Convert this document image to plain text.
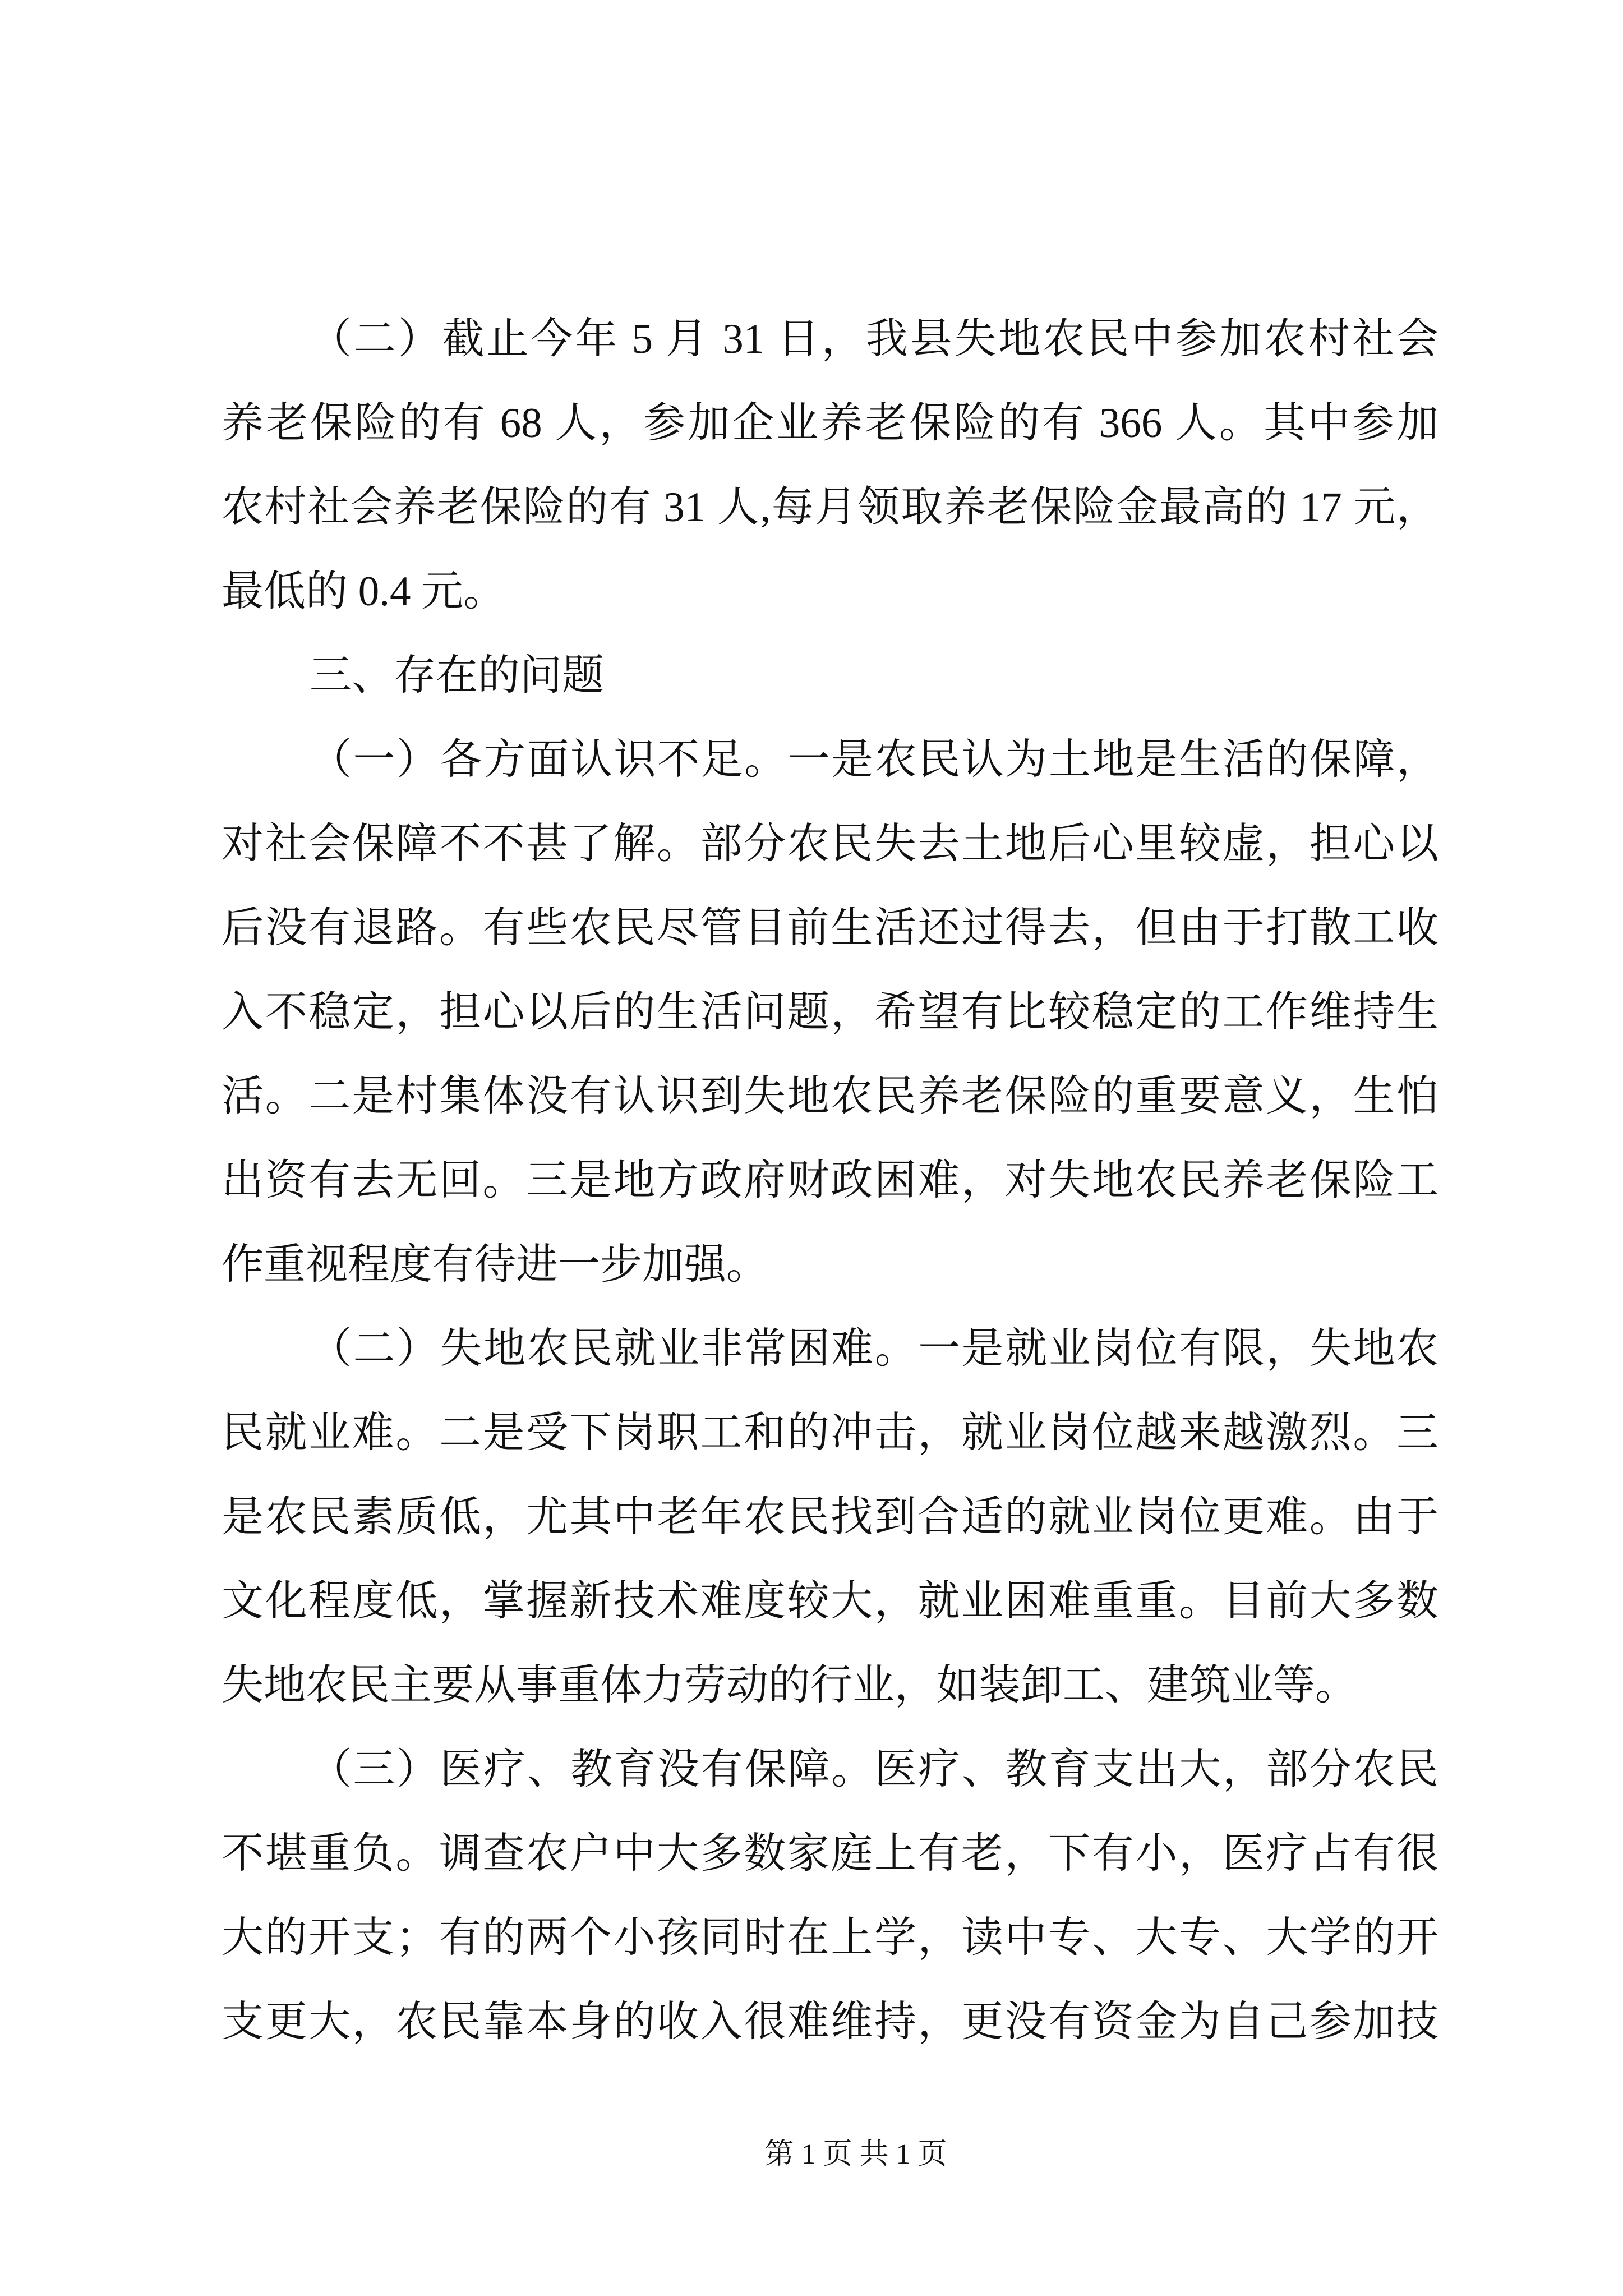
（二）截止今年 5 月 31 日，我县失地农民中参加农村社会
养老保险的有 68 人，参加企业养老保险的有 366 人。其中参加
农村社会养老保险的有 31 人,每月领取养老保险金最高的 17 元，
最低的 0.4 元。
三、存在的问题
（一）各方面认识不足。一是农民认为土地是生活的保障，
对社会保障不不甚了解。部分农民失去土地后心里较虚，担心以
后没有退路。有些农民尽管目前生活还过得去，但由于打散工收
入不稳定，担心以后的生活问题，希望有比较稳定的工作维持生
活。二是村集体没有认识到失地农民养老保险的重要意义，生怕
出资有去无回。三是地方政府财政困难，对失地农民养老保险工
作重视程度有待进一步加强。
（二）失地农民就业非常困难。一是就业岗位有限，失地农
民就业难。二是受下岗职工和的冲击，就业岗位越来越激烈。三
是农民素质低，尤其中老年农民找到合适的就业岗位更难。由于
文化程度低，掌握新技术难度较大，就业困难重重。目前大多数
失地农民主要从事重体力劳动的行业，如装卸工、建筑业等。
（三）医疗、教育没有保障。医疗、教育支出大，部分农民
不堪重负。调查农户中大多数家庭上有老，下有小，医疗占有很
大的开支；有的两个小孩同时在上学，读中专、大专、大学的开
支更大，农民靠本身的收入很难维持，更没有资金为自己参加技
第 1 页 共 1 页
